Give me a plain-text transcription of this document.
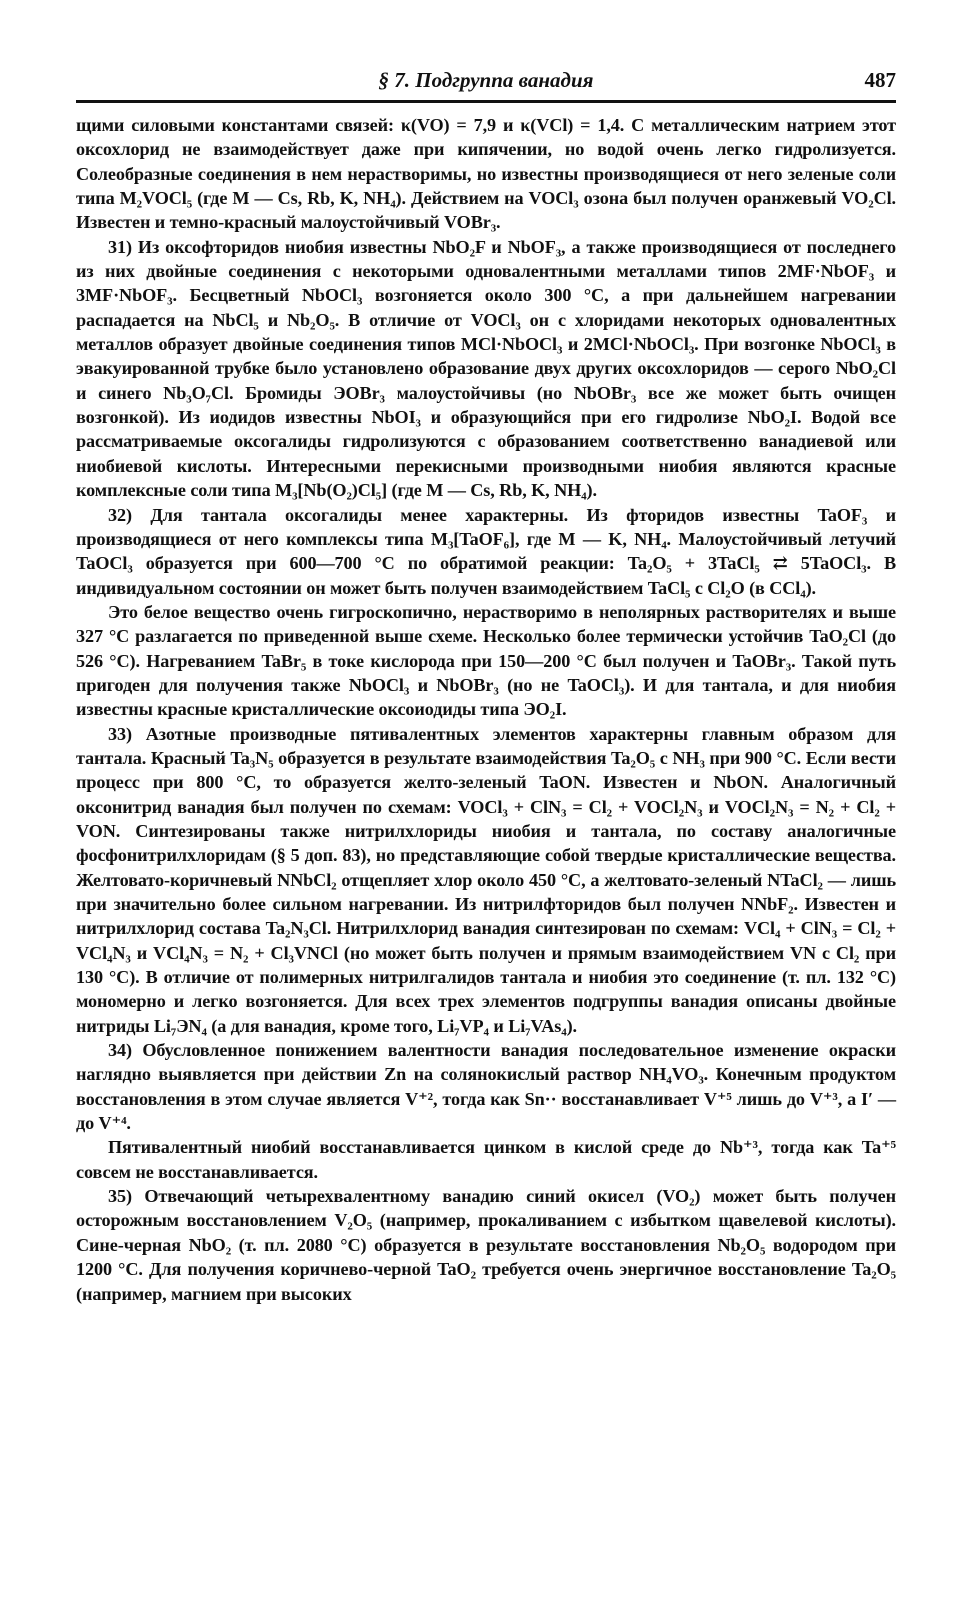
§ 7. Подгруппа ванадия	487

щими силовыми константами связей: κ(VO) = 7,9 и κ(VCl) = 1,4. С металлическим натрием этот оксохлорид не взаимодействует даже при кипячении, но водой очень легко гидролизуется. Солеобразные соединения в нем нерастворимы, но известны производящиеся от него зеленые соли типа M₂VOCl₅ (где M — Cs, Rb, K, NH₄). Действием на VOCl₃ озона был получен оранжевый VO₂Cl. Известен и темно-красный малоустойчивый VOBr₃.

31) Из оксофторидов ниобия известны NbO₂F и NbOF₃, а также производящиеся от последнего из них двойные соединения с некоторыми одновалентными металлами типов 2MF·NbOF₃ и 3MF·NbOF₃. Бесцветный NbOCl₃ возгоняется около 300 °С, а при дальнейшем нагревании распадается на NbCl₅ и Nb₂O₅. В отличие от VOCl₃ он с хлоридами некоторых одновалентных металлов образует двойные соединения типов MCl·NbOCl₃ и 2MCl·NbOCl₃. При возгонке NbOCl₃ в эвакуированной трубке было установлено образование двух других оксохлоридов — серого NbO₂Cl и синего Nb₃O₇Cl. Бромиды ЭOBr₃ малоустойчивы (но NbOBr₃ все же может быть очищен возгонкой). Из иодидов известны NbOI₃ и образующийся при его гидролизе NbO₂I. Водой все рассматриваемые оксогалиды гидролизуются с образованием соответственно ванадиевой или ниобиевой кислоты. Интересными перекисными производными ниобия являются красные комплексные соли типа M₃[Nb(O₂)Cl₅] (где M — Cs, Rb, K, NH₄).

32) Для тантала оксогалиды менее характерны. Из фторидов известны TaOF₃ и производящиеся от него комплексы типа M₃[TaOF₆], где M — K, NH₄. Малоустойчивый летучий TaOCl₃ образуется при 600—700 °С по обратимой реакции: Ta₂O₅ + 3TaCl₅ ⇄ 5TaOCl₃. В индивидуальном состоянии он может быть получен взаимодействием TaCl₅ с Cl₂O (в CCl₄).

Это белое вещество очень гигроскопично, нерастворимо в неполярных растворителях и выше 327 °С разлагается по приведенной выше схеме. Несколько более термически устойчив TaO₂Cl (до 526 °С). Нагреванием TaBr₅ в токе кислорода при 150—200 °С был получен и TaOBr₃. Такой путь пригоден для получения также NbOCl₃ и NbOBr₃ (но не TaOCl₃). И для тантала, и для ниобия известны красные кристаллические оксоиодиды типа ЭO₂I.

33) Азотные производные пятивалентных элементов характерны главным образом для тантала. Красный Ta₃N₅ образуется в результате взаимодействия Ta₂O₅ с NH₃ при 900 °С. Если вести процесс при 800 °С, то образуется желто-зеленый TaON. Известен и NbON. Аналогичный оксонитрид ванадия был получен по схемам: VOCl₃ + ClN₃ = Cl₂ + VOCl₂N₃ и VOCl₂N₃ = N₂ + Cl₂ + VON. Синтезированы также нитрилхлориды ниобия и тантала, по составу аналогичные фосфонитрилхлоридам (§ 5 доп. 83), но представляющие собой твердые кристаллические вещества. Желтовато-коричневый NNbCl₂ отщепляет хлор около 450 °С, а желтовато-зеленый NTaCl₂ — лишь при значительно более сильном нагревании. Из нитрилфторидов был получен NNbF₂. Известен и нитрилхлорид состава Ta₂N₃Cl. Нитрилхлорид ванадия синтезирован по схемам: VCl₄ + ClN₃ = Cl₂ + VCl₄N₃ и VCl₄N₃ = N₂ + Cl₃VNCl (но может быть получен и прямым взаимодействием VN с Cl₂ при 130 °С). В отличие от полимерных нитрилгалидов тантала и ниобия это соединение (т. пл. 132 °С) мономерно и легко возгоняется. Для всех трех элементов подгруппы ванадия описаны двойные нитриды Li₇ЭN₄ (а для ванадия, кроме того, Li₇VP₄ и Li₇VAs₄).

34) Обусловленное понижением валентности ванадия последовательное изменение окраски наглядно выявляется при действии Zn на солянокислый раствор NH₄VO₃. Конечным продуктом восстановления в этом случае является V⁺², тогда как Sn·· восстанавливает V⁺⁵ лишь до V⁺³, а I′ — до V⁺⁴.

Пятивалентный ниобий восстанавливается цинком в кислой среде до Nb⁺³, тогда как Ta⁺⁵ совсем не восстанавливается.

35) Отвечающий четырехвалентному ванадию синий окисел (VO₂) может быть получен осторожным восстановлением V₂O₅ (например, прокаливанием с избытком щавелевой кислоты). Сине-черная NbO₂ (т. пл. 2080 °С) образуется в результате восстановления Nb₂O₅ водородом при 1200 °С. Для получения коричнево-черной TaO₂ требуется очень энергичное восстановление Ta₂O₅ (например, магнием при высоких
